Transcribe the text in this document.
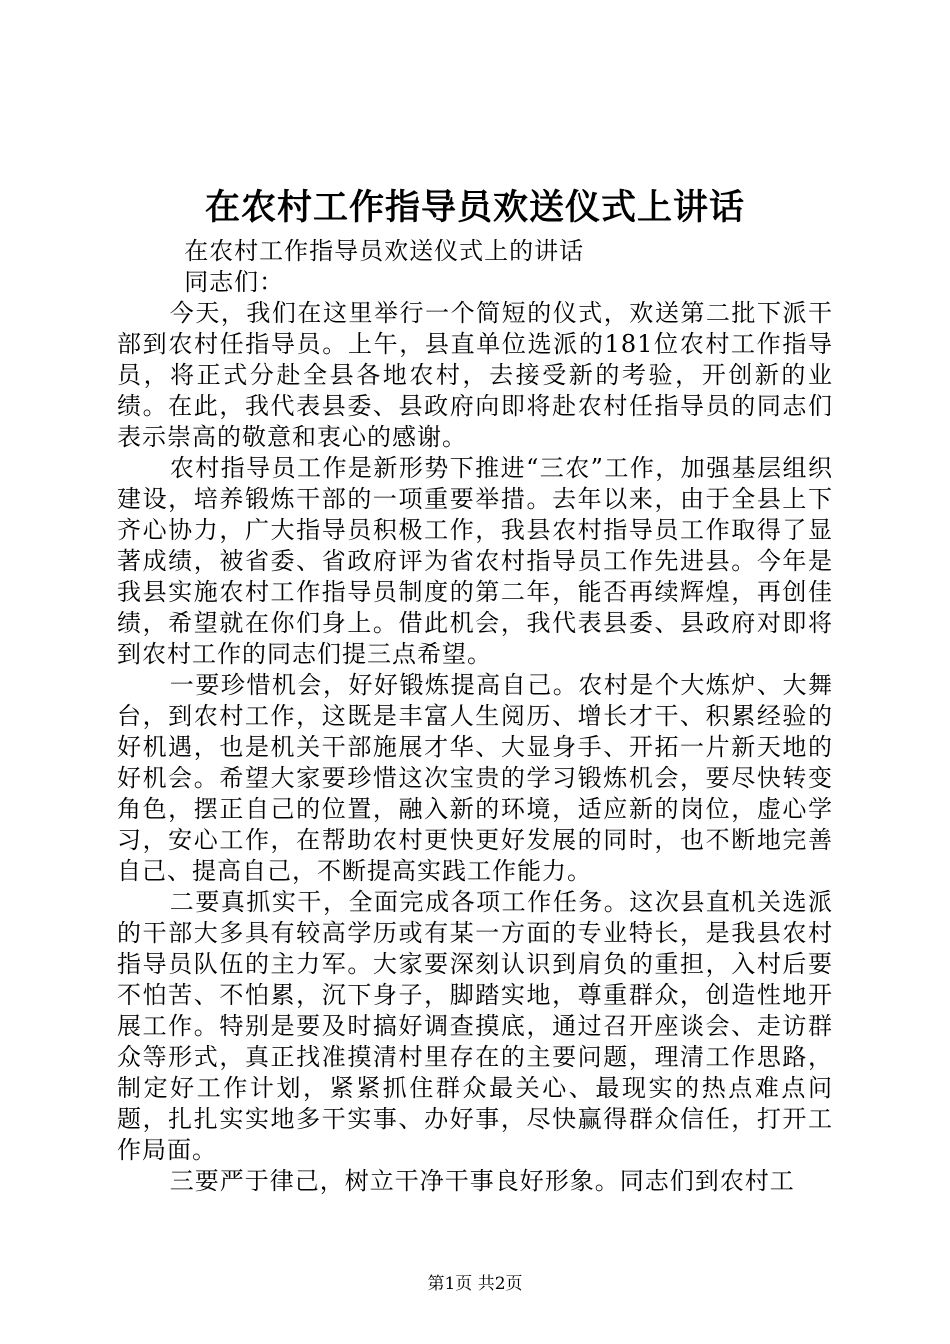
在农村工作指导员欢送仪式上讲话

在农村工作指导员欢送仪式上的讲话

同志们：

今天，我们在这里举行一个简短的仪式，欢送第二批下派干部到农村任指导员。上午，县直单位选派的181位农村工作指导员，将正式分赴全县各地农村，去接受新的考验，开创新的业绩。在此，我代表县委、县政府向即将赴农村任指导员的同志们表示崇高的敬意和衷心的感谢。

农村指导员工作是新形势下推进“三农”工作，加强基层组织建设，培养锻炼干部的一项重要举措。去年以来，由于全县上下齐心协力，广大指导员积极工作，我县农村指导员工作取得了显著成绩，被省委、省政府评为省农村指导员工作先进县。今年是我县实施农村工作指导员制度的第二年，能否再续辉煌，再创佳绩，希望就在你们身上。借此机会，我代表县委、县政府对即将到农村工作的同志们提三点希望。

一要珍惜机会，好好锻炼提高自己。农村是个大炼炉、大舞台，到农村工作，这既是丰富人生阅历、增长才干、积累经验的好机遇，也是机关干部施展才华、大显身手、开拓一片新天地的好机会。希望大家要珍惜这次宝贵的学习锻炼机会，要尽快转变角色，摆正自己的位置，融入新的环境，适应新的岗位，虚心学习，安心工作，在帮助农村更快更好发展的同时，也不断地完善自己、提高自己，不断提高实践工作能力。

二要真抓实干，全面完成各项工作任务。这次县直机关选派的干部大多具有较高学历或有某一方面的专业特长，是我县农村指导员队伍的主力军。大家要深刻认识到肩负的重担，入村后要不怕苦、不怕累，沉下身子，脚踏实地，尊重群众，创造性地开展工作。特别是要及时搞好调查摸底，通过召开座谈会、走访群众等形式，真正找准摸清村里存在的主要问题，理清工作思路，制定好工作计划，紧紧抓住群众最关心、最现实的热点难点问题，扎扎实实地多干实事、办好事，尽快赢得群众信任，打开工作局面。

三要严于律己，树立干净干事良好形象。同志们到农村工

第1页 共2页
